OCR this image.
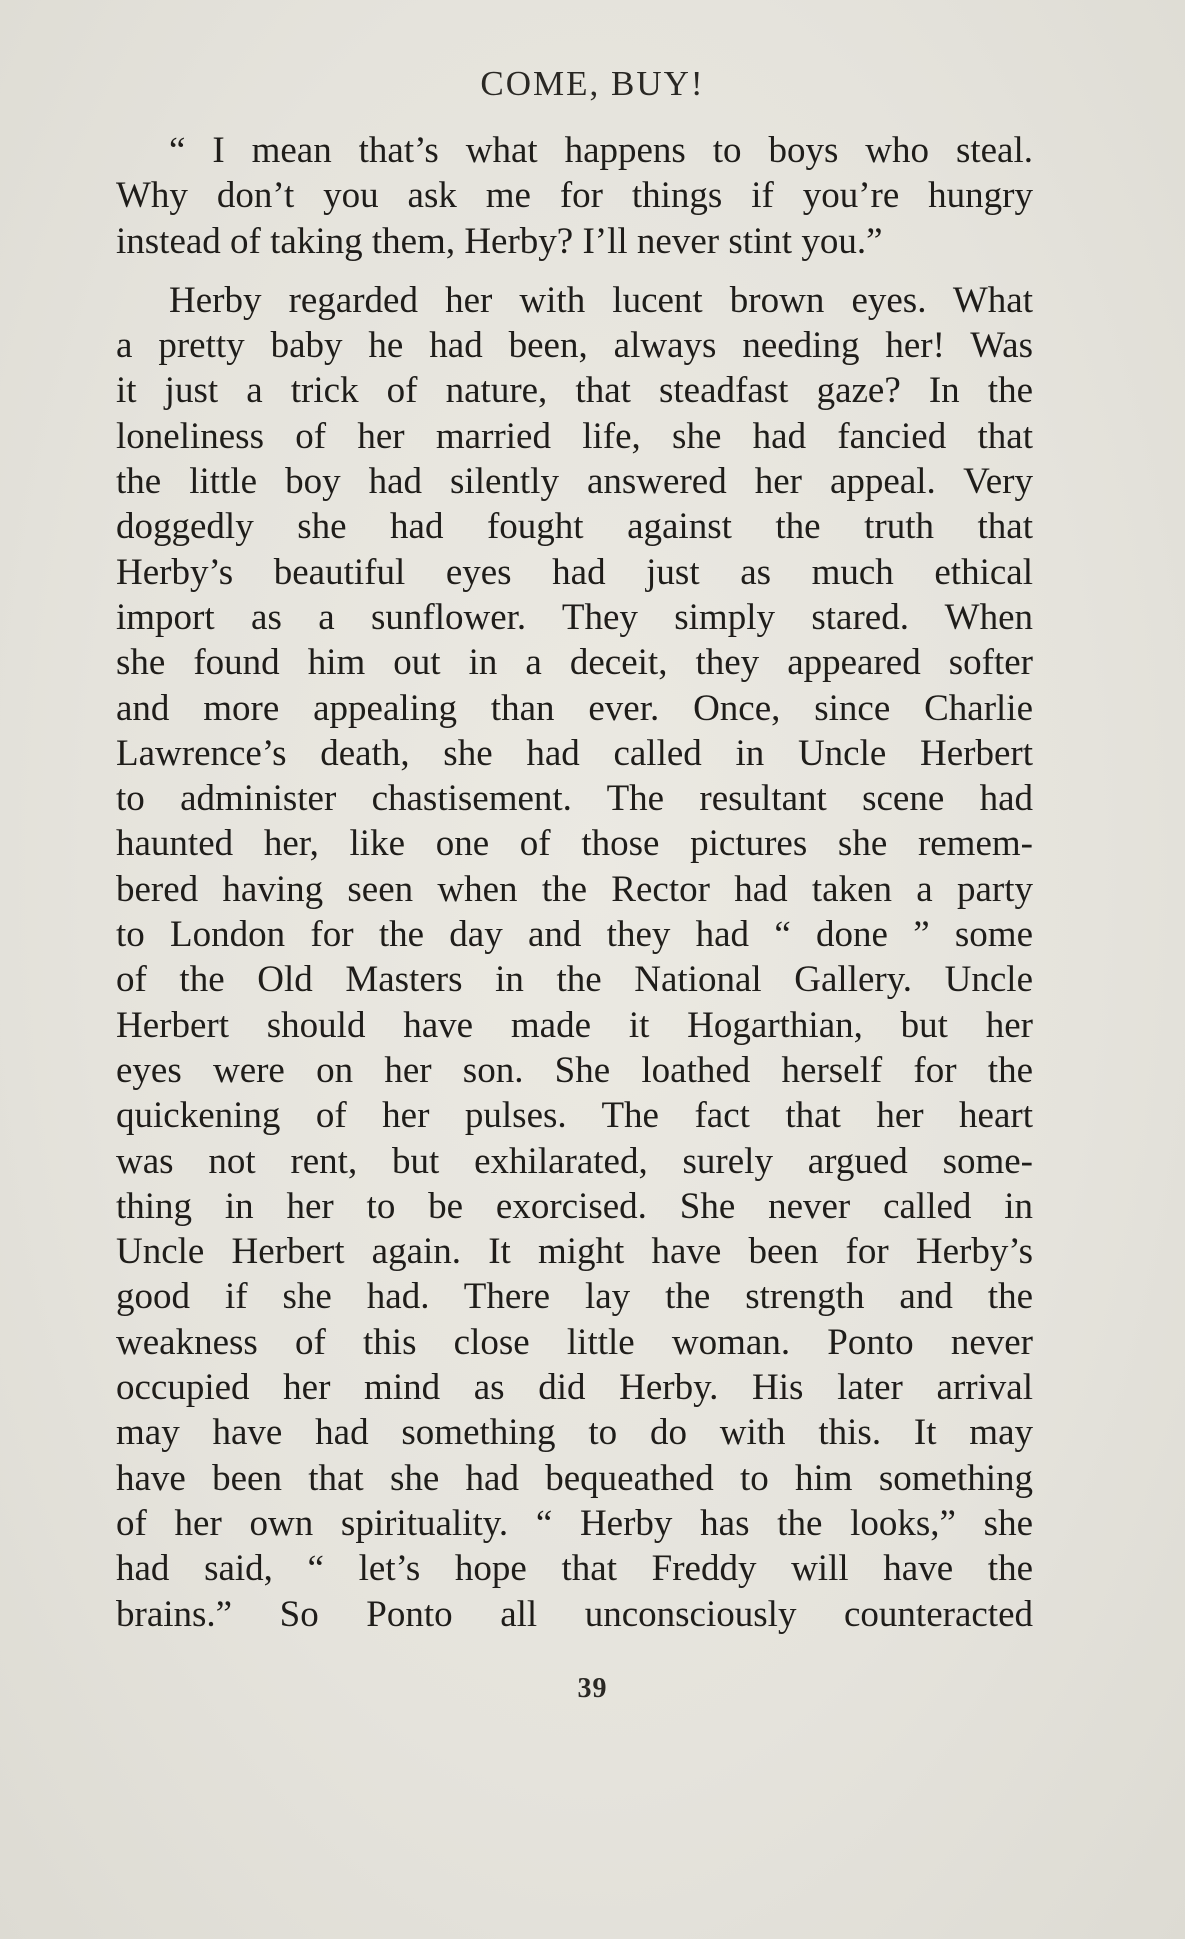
COME, BUY!
“ I mean that’s what happens to boys who steal.
Why don’t you ask me for things if you’re hungry
instead of taking them, Herby? I’ll never stint you.”
Herby regarded her with lucent brown eyes. What
a pretty baby he had been, always needing her! Was
it just a trick of nature, that steadfast gaze? In the
loneliness of her married life, she had fancied that
the little boy had silently answered her appeal. Very
doggedly she had fought against the truth that
Herby’s beautiful eyes had just as much ethical
import as a sunflower. They simply stared. When
she found him out in a deceit, they appeared softer
and more appealing than ever. Once, since Charlie
Lawrence’s death, she had called in Uncle Herbert
to administer chastisement. The resultant scene had
haunted her, like one of those pictures she remem-
bered having seen when the Rector had taken a party
to London for the day and they had “ done ” some
of the Old Masters in the National Gallery. Uncle
Herbert should have made it Hogarthian, but her
eyes were on her son. She loathed herself for the
quickening of her pulses. The fact that her heart
was not rent, but exhilarated, surely argued some-
thing in her to be exorcised. She never called in
Uncle Herbert again. It might have been for Herby’s
good if she had. There lay the strength and the
weakness of this close little woman. Ponto never
occupied her mind as did Herby. His later arrival
may have had something to do with this. It may
have been that she had bequeathed to him something
of her own spirituality. “ Herby has the looks,” she
had said, “ let’s hope that Freddy will have the
brains.” So Ponto all unconsciously counteracted
39
